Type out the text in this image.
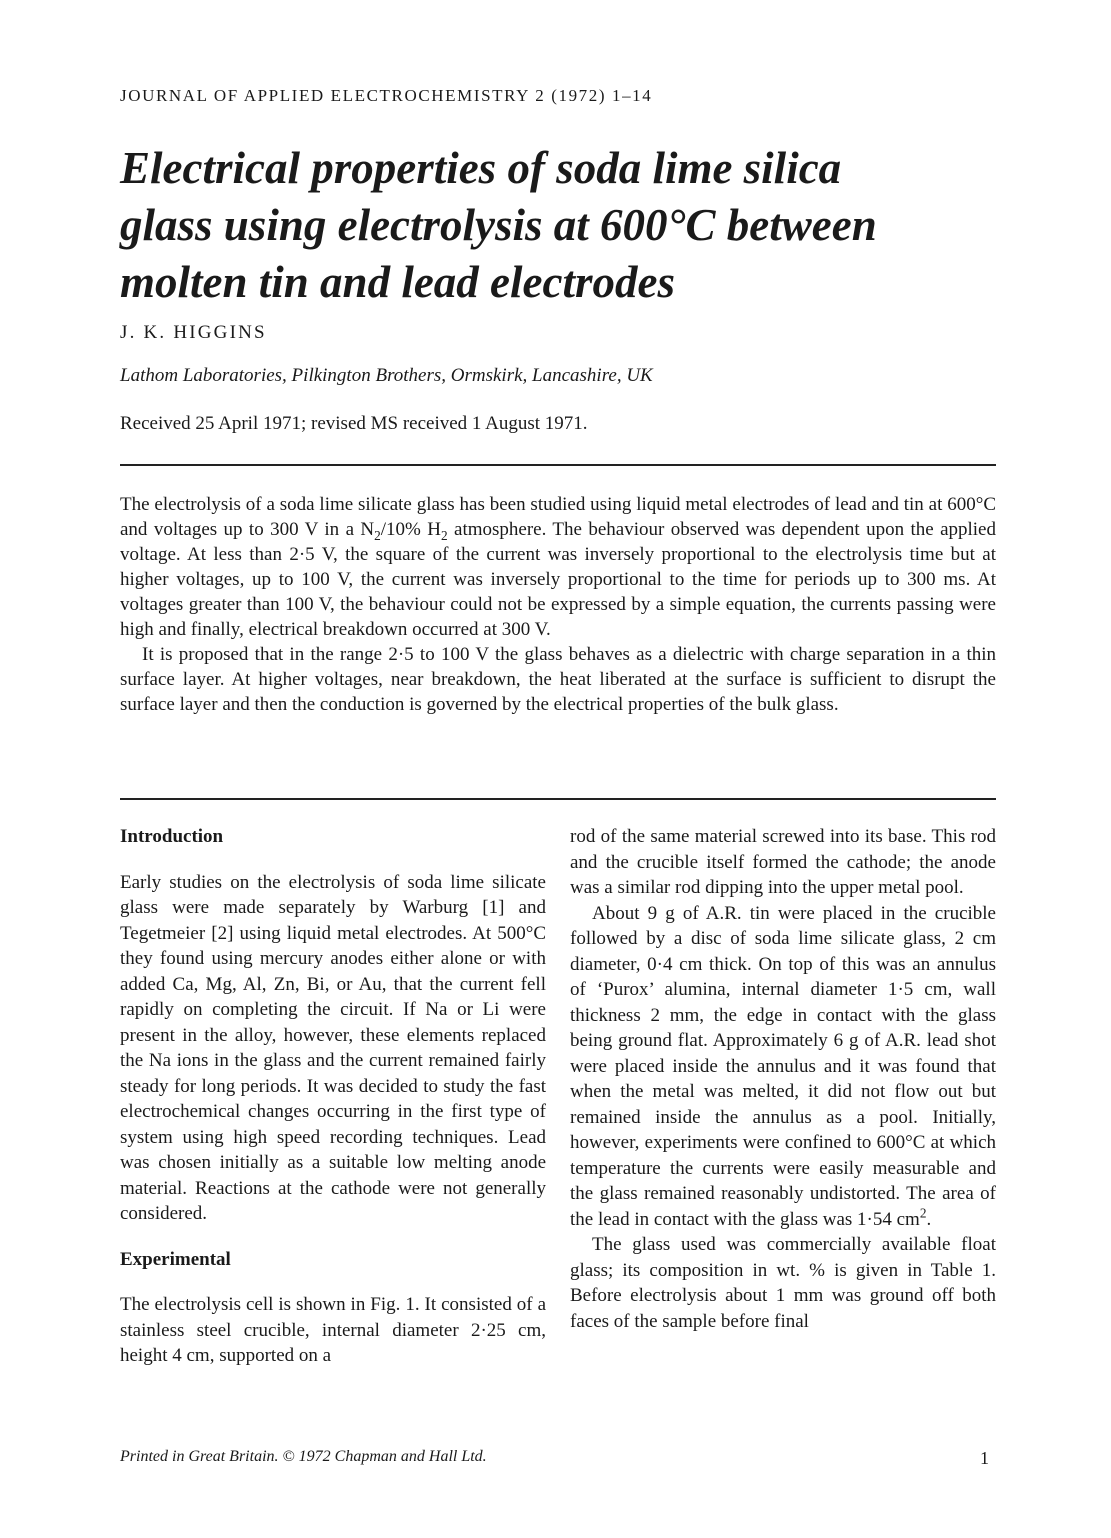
JOURNAL OF APPLIED ELECTROCHEMISTRY 2 (1972) 1–14
Electrical properties of soda lime silica
glass using electrolysis at 600°C between
molten tin and lead electrodes
J. K. HIGGINS
Lathom Laboratories, Pilkington Brothers, Ormskirk, Lancashire, UK
Received 25 April 1971; revised MS received 1 August 1971.

The electrolysis of a soda lime silicate glass has been studied using liquid metal electrodes of lead and tin at 600°C and voltages up to 300 V in a $N_2/10\%$ $H_2$ atmosphere. The behaviour observed was dependent upon the applied voltage. At less than 2·5 V, the square of the current was inversely proportional to the electrolysis time but at higher voltages, up to 100 V, the current was inversely proportional to the time for periods up to 300 ms. At voltages greater than 100 V, the behaviour could not be expressed by a simple equation, the currents passing were high and finally, electrical breakdown occurred at 300 V.

It is proposed that in the range 2·5 to 100 V the glass behaves as a dielectric with charge separation in a thin surface layer. At higher voltages, near breakdown, the heat liberated at the surface is sufficient to disrupt the surface layer and then the conduction is governed by the electrical properties of the bulk glass.

Introduction

Early studies on the electrolysis of soda lime silicate glass were made separately by Warburg [1] and Tegetmeier [2] using liquid metal electrodes. At 500°C they found using mercury anodes either alone or with added Ca, Mg, Al, Zn, Bi, or Au, that the current fell rapidly on completing the circuit. If Na or Li were present in the alloy, however, these elements replaced the Na ions in the glass and the current remained fairly steady for long periods. It was decided to study the fast electrochemical changes occurring in the first type of system using high speed recording techniques. Lead was chosen initially as a suitable low melting anode material. Reactions at the cathode were not generally considered.

Experimental

The electrolysis cell is shown in Fig. 1. It consisted of a stainless steel crucible, internal diameter 2·25 cm, height 4 cm, supported on a

rod of the same material screwed into its base. This rod and the crucible itself formed the cathode; the anode was a similar rod dipping into the upper metal pool.

About 9 g of A.R. tin were placed in the crucible followed by a disc of soda lime silicate glass, 2 cm diameter, 0·4 cm thick. On top of this was an annulus of ‘Purox’ alumina, internal diameter 1·5 cm, wall thickness 2 mm, the edge in contact with the glass being ground flat. Approximately 6 g of A.R. lead shot were placed inside the annulus and it was found that when the metal was melted, it did not flow out but remained inside the annulus as a pool. Initially, however, experiments were confined to 600°C at which temperature the currents were easily measurable and the glass remained reasonably undistorted. The area of the lead in contact with the glass was 1·54 $cm^2$.

The glass used was commercially available float glass; its composition in wt. % is given in Table 1. Before electrolysis about 1 mm was ground off both faces of the sample before final

Printed in Great Britain. © 1972 Chapman and Hall Ltd.	1
